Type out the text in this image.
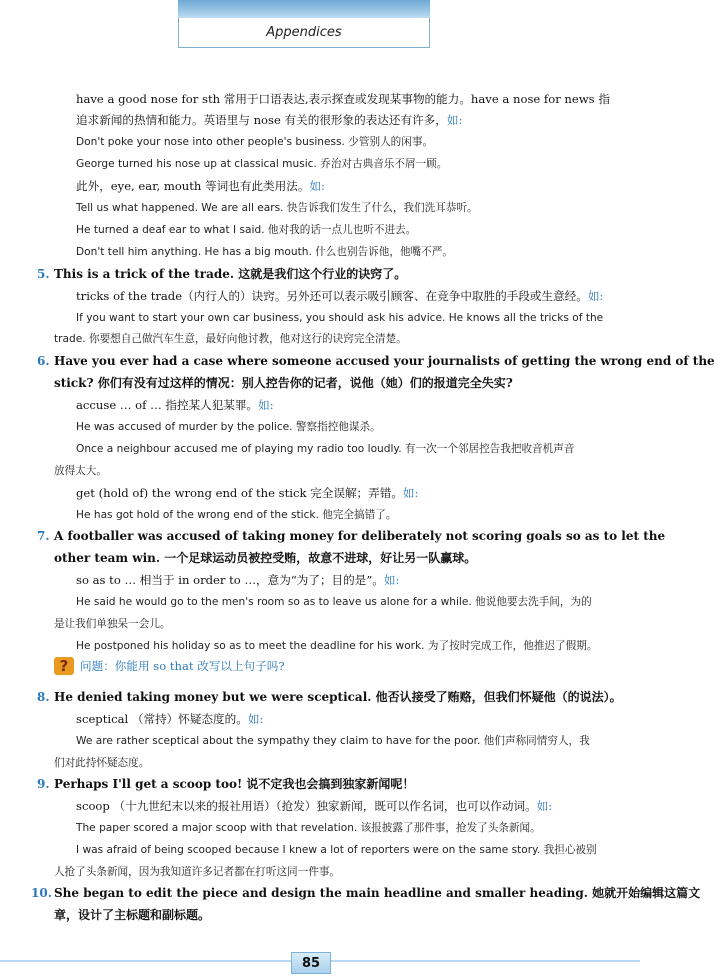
Appendices
have a good nose for sth 常用于口语表达,表示探查或发现某事物的能力。have a nose for news 指
追求新闻的热情和能力。英语里与 nose 有关的很形象的表达还有许多，如:
Don't poke your nose into other people's business. 少管别人的闲事。
George turned his nose up at classical music. 乔治对古典音乐不屑一顾。
此外，eye, ear, mouth 等词也有此类用法。如:
Tell us what happened. We are all ears. 快告诉我们发生了什么，我们洗耳恭听。
He turned a deaf ear to what I said. 他对我的话一点儿也听不进去。
Don't tell him anything. He has a big mouth. 什么也别告诉他，他嘴不严。
tricks of the trade（内行人的）诀窍。另外还可以表示吸引顾客、在竞争中取胜的手段或生意经。如:
If you want to start your own car business, you should ask his advice. He knows all the tricks of the
trade. 你要想自己做汽车生意，最好向他讨教，他对这行的诀窍完全清楚。
stick? 你们有没有过这样的情况：别人控告你的记者，说他（她）们的报道完全失实?
accuse … of … 指控某人犯某罪。如:
He was accused of murder by the police. 警察指控他谋杀。
Once a neighbour accused me of playing my radio too loudly. 有一次一个邻居控告我把收音机声音
放得太大。
get (hold of) the wrong end of the stick 完全误解；弄错。如:
He has got hold of the wrong end of the stick. 他完全搞错了。
other team win. 一个足球运动员被控受贿，故意不进球，好让另一队赢球。
so as to … 相当于 in order to …，意为“为了；目的是”。如:
He said he would go to the men's room so as to leave us alone for a while. 他说他要去洗手间，为的
是让我们单独呆一会儿。
He postponed his holiday so as to meet the deadline for his work. 为了按时完成工作，他推迟了假期。
sceptical （常持）怀疑态度的。如:
We are rather sceptical about the sympathy they claim to have for the poor. 他们声称同情穷人，我
们对此持怀疑态度。
scoop （十九世纪末以来的报社用语）（抢发）独家新闻，既可以作名词，也可以作动词。如:
The paper scored a major scoop with that revelation. 该报披露了那件事，抢发了头条新闻。
I was afraid of being scooped because I knew a lot of reporters were on the same story. 我担心被别
人抢了头条新闻，因为我知道许多记者都在打听这同一件事。
章，设计了主标题和副标题。
5. This is a trick of the trade. 这就是我们这个行业的诀窍了。
6. Have you ever had a case where someone accused your journalists of getting the wrong end of the
7. A footballer was accused of taking money for deliberately not scoring goals so as to let the
8. He denied taking money but we were sceptical. 他否认接受了贿赂，但我们怀疑他（的说法）。
9. Perhaps I'll get a scoop too! 说不定我也会搞到独家新闻呢！
10. She began to edit the piece and design the main headline and smaller heading. 她就开始编辑这篇文
?	问题：你能用 so that 改写以上句子吗?
85
